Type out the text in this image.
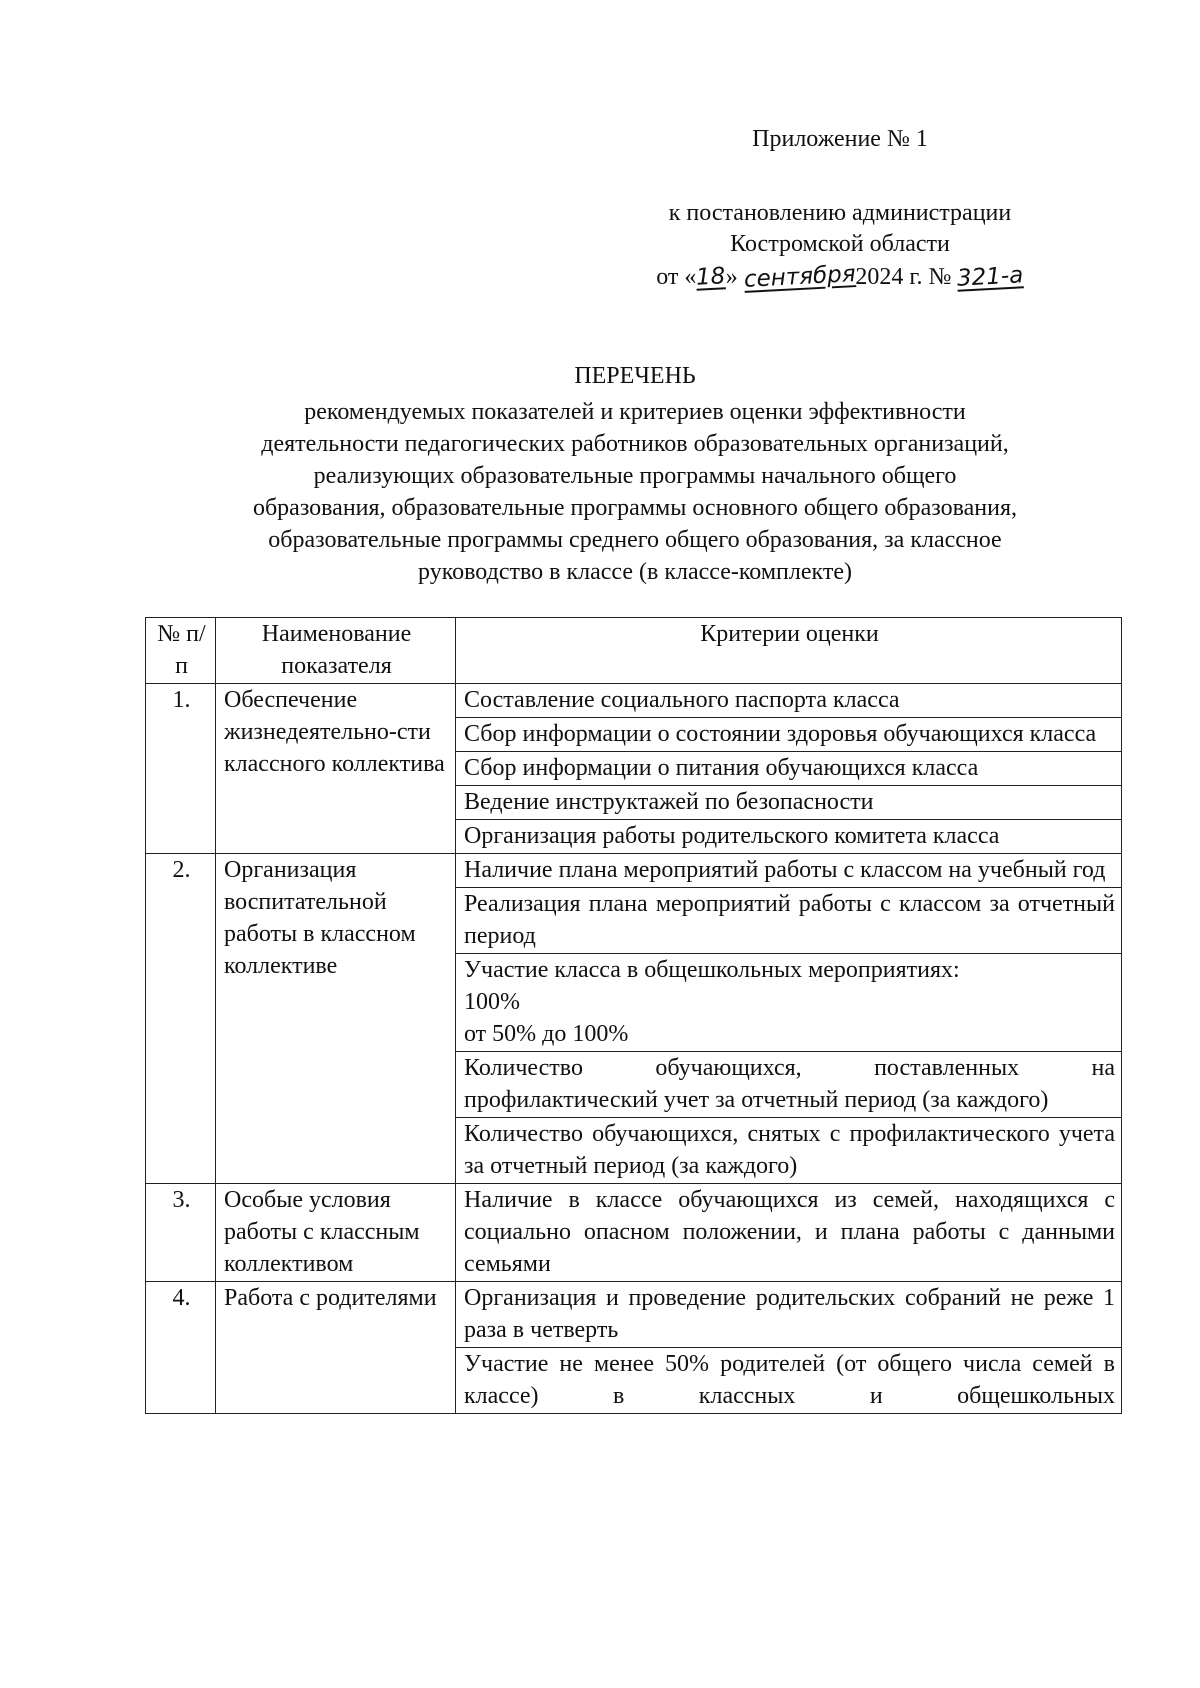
Приложение № 1
к постановлению администрации
Костромской области
от «18» сентября2024 г. № 321-а
ПЕРЕЧЕНЬ
рекомендуемых показателей и критериев оценки эффективности
деятельности педагогических работников образовательных организаций,
реализующих образовательные программы начального общего
образования, образовательные программы основного общего образования,
образовательные программы среднего общего образования, за классное
руководство в классе (в классе-комплекте)
№ п/п	Наименование показателя	Критерии оценки
1.	Обеспечение жизнедеятельно-сти классного коллектива	Составление социального паспорта класса
		Сбор информации о состоянии здоровья обучающихся класса
		Сбор информации о питания обучающихся класса
		Ведение инструктажей по безопасности
		Организация работы родительского комитета класса
2.	Организация воспитательной работы в классном коллективе	Наличие плана мероприятий работы с классом на учебный год
		Реализация плана мероприятий работы с классом за отчетный период

		Участие класса в общешкольных мероприятиях:
100%
от 50% до 100%

		Количество обучающихся, поставленных на профилактический учет за отчетный период (за каждого)
		Количество обучающихся, снятых с профилактического учета за отчетный период (за каждого)
3.	Особые условия работы с классным коллективом	Наличие в классе обучающихся из семей, находящихся с социально опасном положении, и плана работы с данными семьями
4.	Работа с родителями	Организация и проведение родительских собраний не реже 1 раза в четверть
		Участие не менее 50% родителей (от общего числа семей в классе) в классных и общешкольных
